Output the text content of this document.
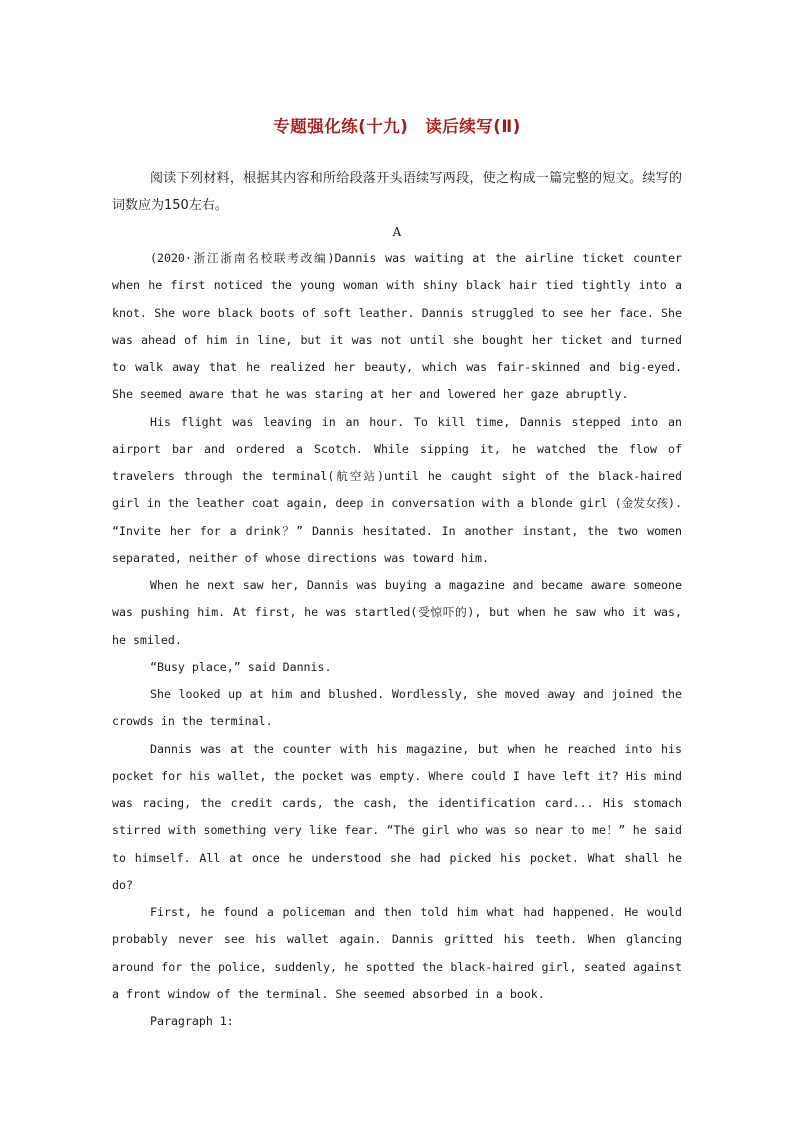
专题强化练(十九)　读后续写(Ⅱ)
阅读下列材料，根据其内容和所给段落开头语续写两段，使之构成一篇完整的短文。续写的词数应为150左右。
A

(2020·浙江浙南名校联考改编)Dannis was waiting at the airline ticket counter when he first noticed the young woman with shiny black hair tied tightly into a knot. She wore black boots of soft leather. Dannis struggled to see her face. She was ahead of him in line, but it was not until she bought her ticket and turned to walk away that he realized her beauty, which was fair-skinned and big-eyed. She seemed aware that he was staring at her and lowered her gaze abruptly.

His flight was leaving in an hour. To kill time, Dannis stepped into an airport bar and ordered a Scotch. While sipping it, he watched the flow of travelers through the terminal(航空站)until he caught sight of the black-haired girl in the leather coat again, deep in conversation with a blonde girl (金发女孩). “Invite her for a drink？” Dannis hesitated. In another instant, the two women separated, neither of whose directions was toward him.

When he next saw her, Dannis was buying a magazine and became aware someone was pushing him. At first, he was startled(受惊吓的), but when he saw who it was, he smiled.

“Busy place,” said Dannis.

She looked up at him and blushed. Wordlessly, she moved away and joined the crowds in the terminal.

Dannis was at the counter with his magazine, but when he reached into his pocket for his wallet, the pocket was empty. Where could I have left it? His mind was racing, the credit cards, the cash, the identification card... His stomach stirred with something very like fear. “The girl who was so near to me！” he said to himself. All at once he understood she had picked his pocket. What shall he do?

First, he found a policeman and then told him what had happened. He would probably never see his wallet again. Dannis gritted his teeth. When glancing around for the police, suddenly, he spotted the black-haired girl, seated against a front window of the terminal. She seemed absorbed in a book.

Paragraph 1:
